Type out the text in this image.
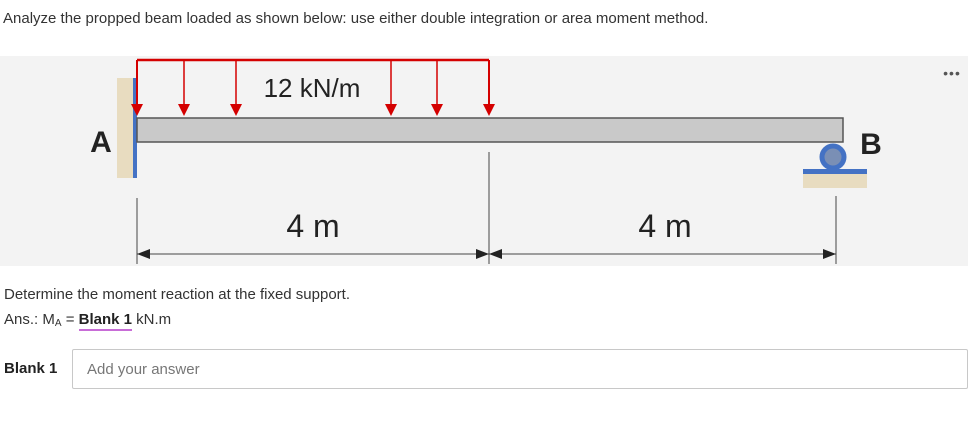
Analyze the propped beam loaded as shown below: use either double integration or area moment method.
12 kN/m
A	B
4 m	4 m
•••
Determine the moment reaction at the fixed support.
Ans.: $M_A$ = Blank 1 kN.m
Blank 1
Add your answer
